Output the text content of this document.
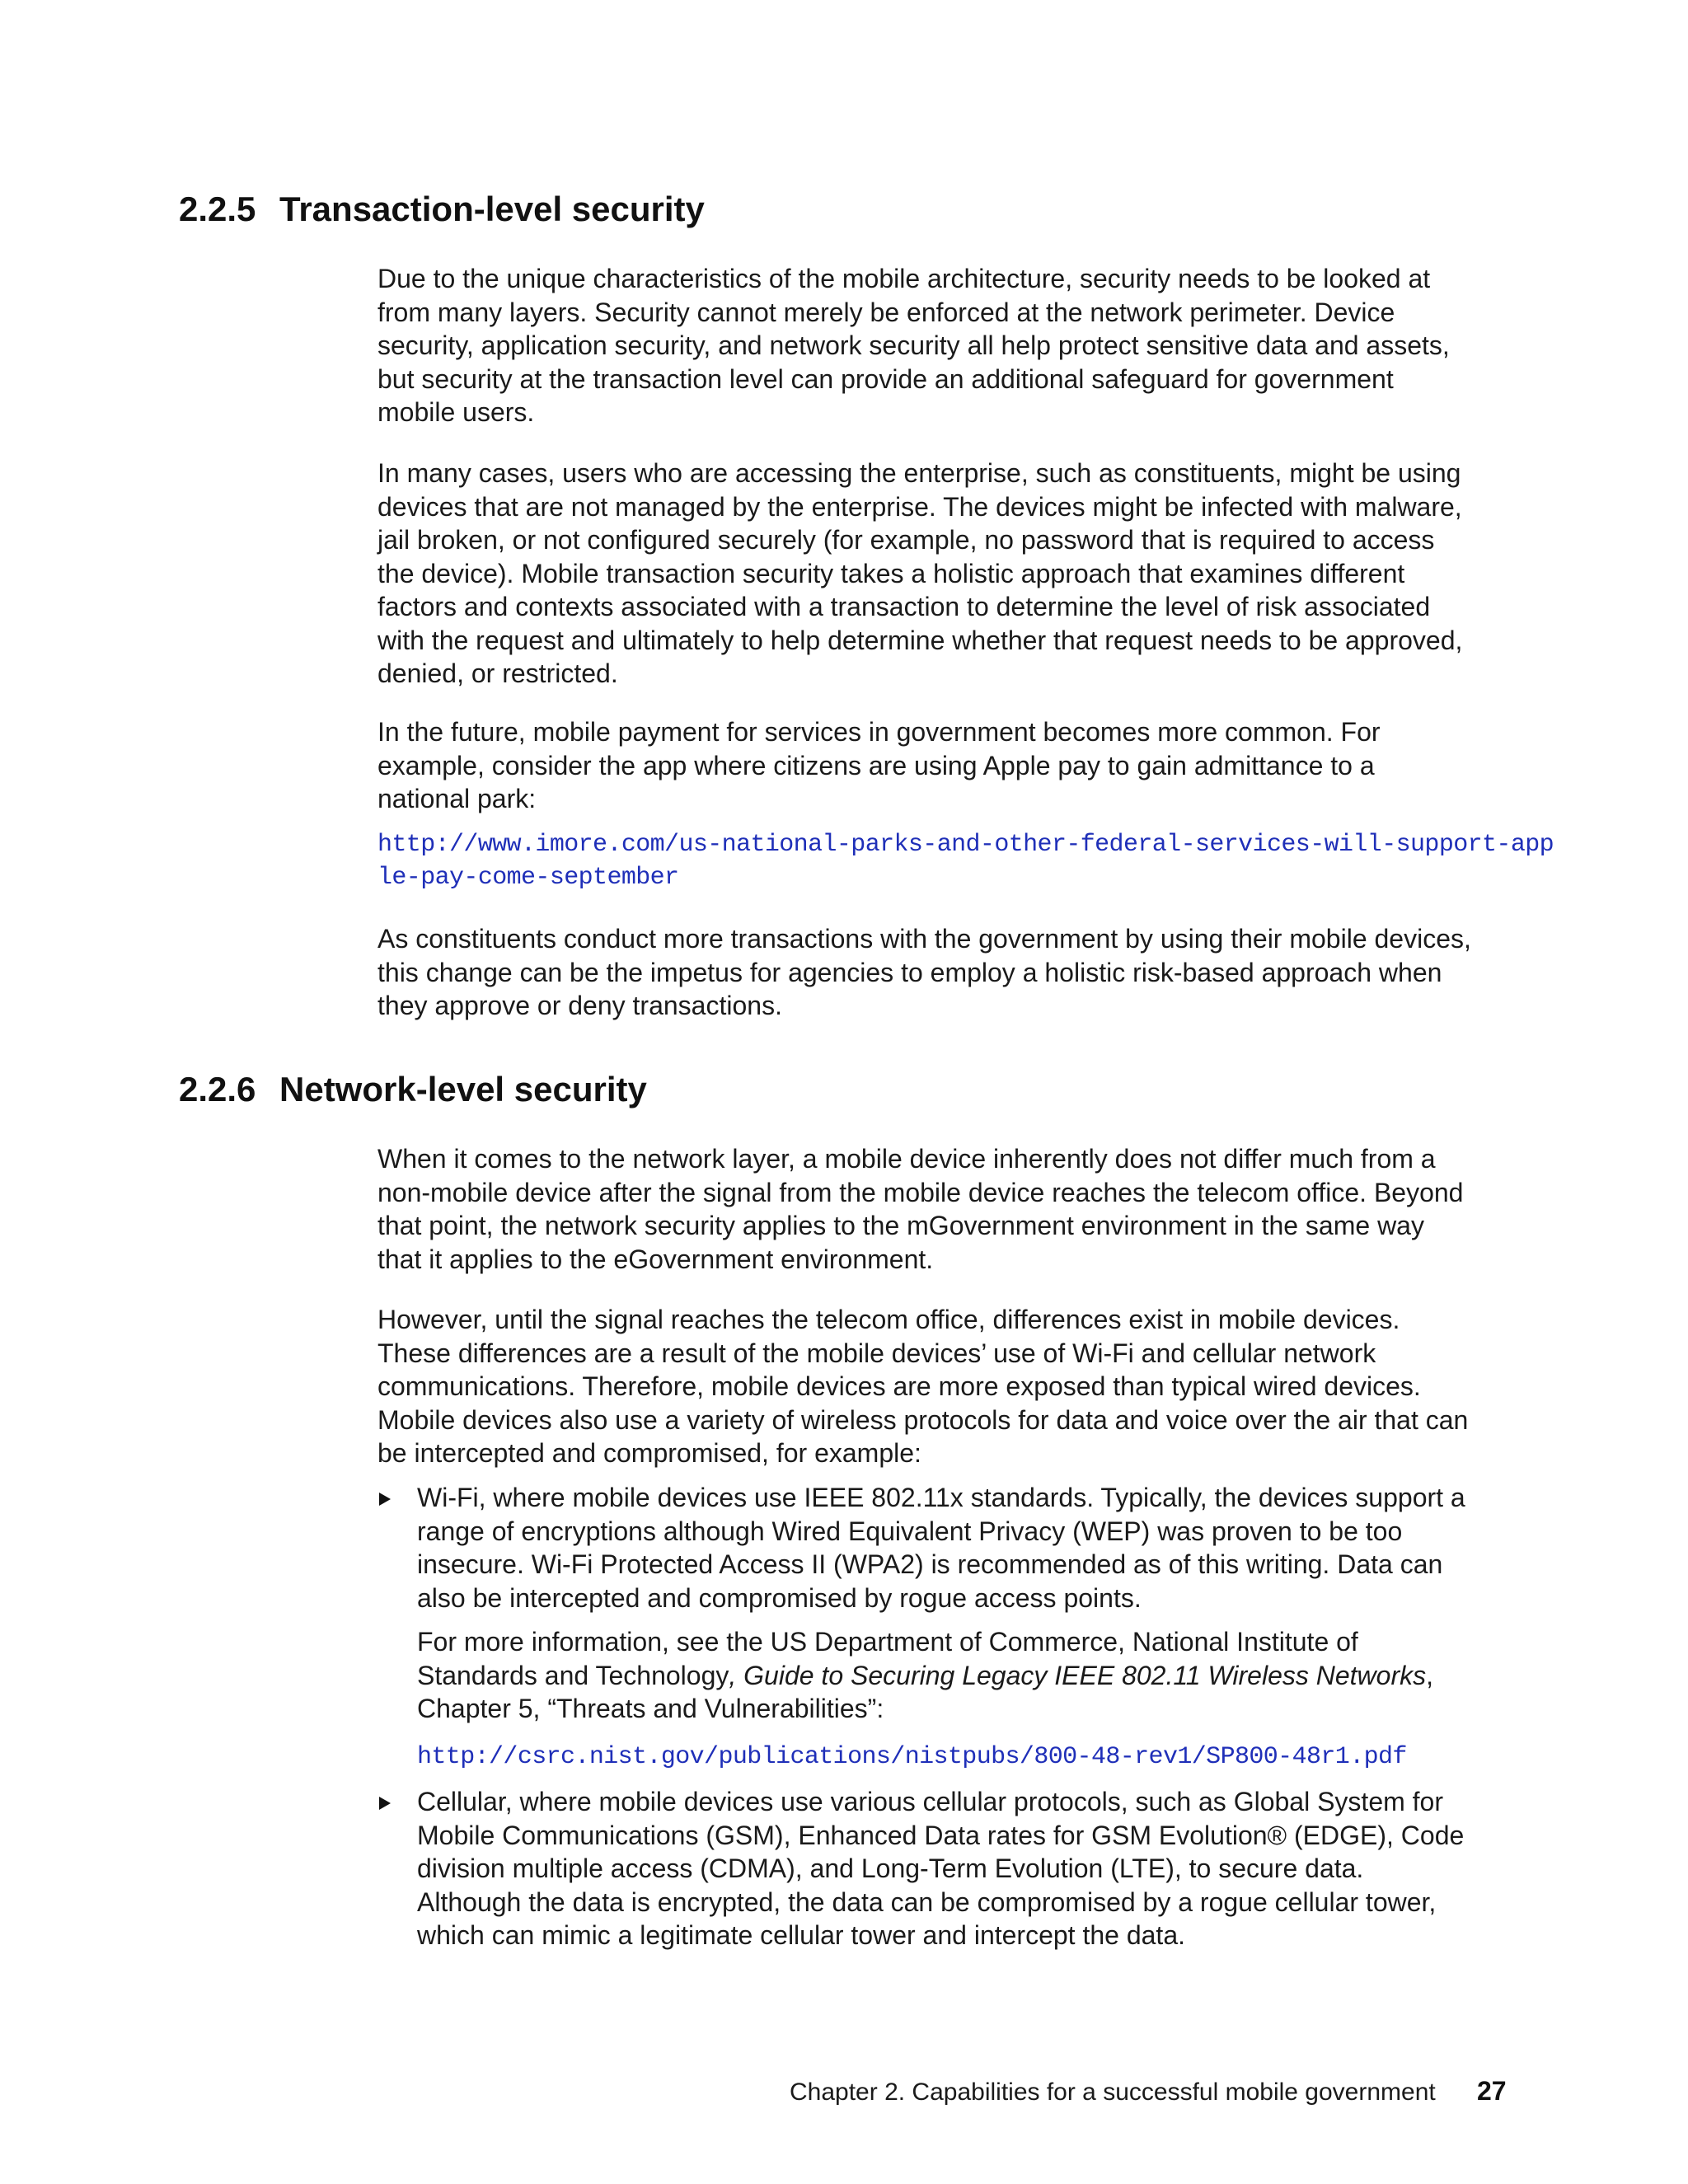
2.2.5 Transaction-level security
Due to the unique characteristics of the mobile architecture, security needs to be looked at
from many layers. Security cannot merely be enforced at the network perimeter. Device
security, application security, and network security all help protect sensitive data and assets,
but security at the transaction level can provide an additional safeguard for government
mobile users.
In many cases, users who are accessing the enterprise, such as constituents, might be using
devices that are not managed by the enterprise. The devices might be infected with malware,
jail broken, or not configured securely (for example, no password that is required to access
the device). Mobile transaction security takes a holistic approach that examines different
factors and contexts associated with a transaction to determine the level of risk associated
with the request and ultimately to help determine whether that request needs to be approved,
denied, or restricted.
In the future, mobile payment for services in government becomes more common. For
example, consider the app where citizens are using Apple pay to gain admittance to a
national park:
http://www.imore.com/us-national-parks-and-other-federal-services-will-support-app
le-pay-come-september
As constituents conduct more transactions with the government by using their mobile devices,
this change can be the impetus for agencies to employ a holistic risk-based approach when
they approve or deny transactions.
2.2.6 Network-level security
When it comes to the network layer, a mobile device inherently does not differ much from a
non-mobile device after the signal from the mobile device reaches the telecom office. Beyond
that point, the network security applies to the mGovernment environment in the same way
that it applies to the eGovernment environment.
However, until the signal reaches the telecom office, differences exist in mobile devices.
These differences are a result of the mobile devices’ use of Wi-Fi and cellular network
communications. Therefore, mobile devices are more exposed than typical wired devices.
Mobile devices also use a variety of wireless protocols for data and voice over the air that can
be intercepted and compromised, for example:
Wi-Fi, where mobile devices use IEEE 802.11x standards. Typically, the devices support a
range of encryptions although Wired Equivalent Privacy (WEP) was proven to be too
insecure. Wi-Fi Protected Access II (WPA2) is recommended as of this writing. Data can
also be intercepted and compromised by rogue access points.
For more information, see the US Department of Commerce, National Institute of
Standards and Technology, Guide to Securing Legacy IEEE 802.11 Wireless Networks,
Chapter 5, “Threats and Vulnerabilities”:
http://csrc.nist.gov/publications/nistpubs/800-48-rev1/SP800-48r1.pdf
Cellular, where mobile devices use various cellular protocols, such as Global System for
Mobile Communications (GSM), Enhanced Data rates for GSM Evolution® (EDGE), Code
division multiple access (CDMA), and Long-Term Evolution (LTE), to secure data.
Although the data is encrypted, the data can be compromised by a rogue cellular tower,
which can mimic a legitimate cellular tower and intercept the data.
Chapter 2. Capabilities for a successful mobile government 27
